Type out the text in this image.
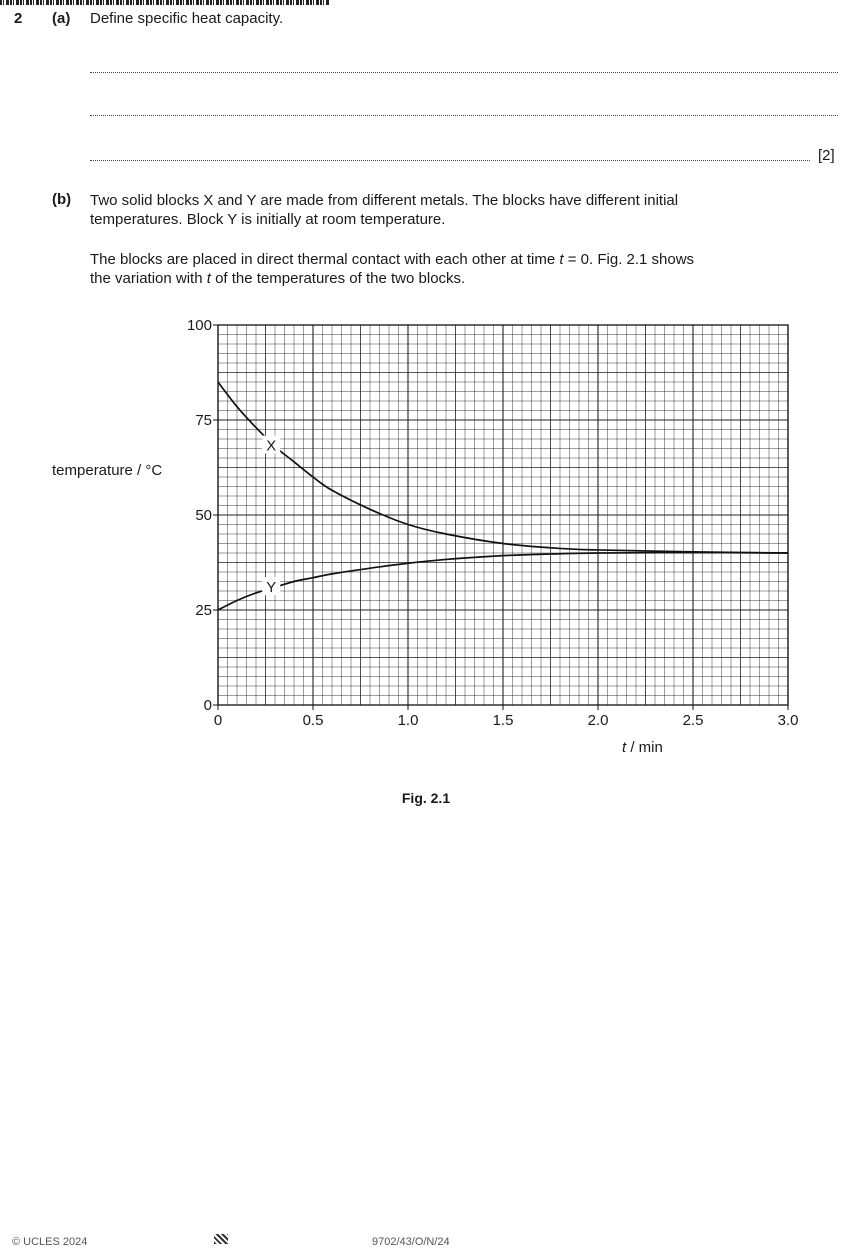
2 (a) Define specific heat capacity.
[2]
(b) Two solid blocks X and Y are made from different metals. The blocks have different initial
temperatures. Block Y is initially at room temperature.
The blocks are placed in direct thermal contact with each other at time t = 0. Fig. 2.1 shows
the variation with t of the temperatures of the two blocks.
0	0.5	1.0	1.5	2.0	2.5	3.0
0
25
50
75
100
temperature / °C
t / min
X
Y
Fig. 2.1
© UCLES 2024	9702/43/O/N/24
